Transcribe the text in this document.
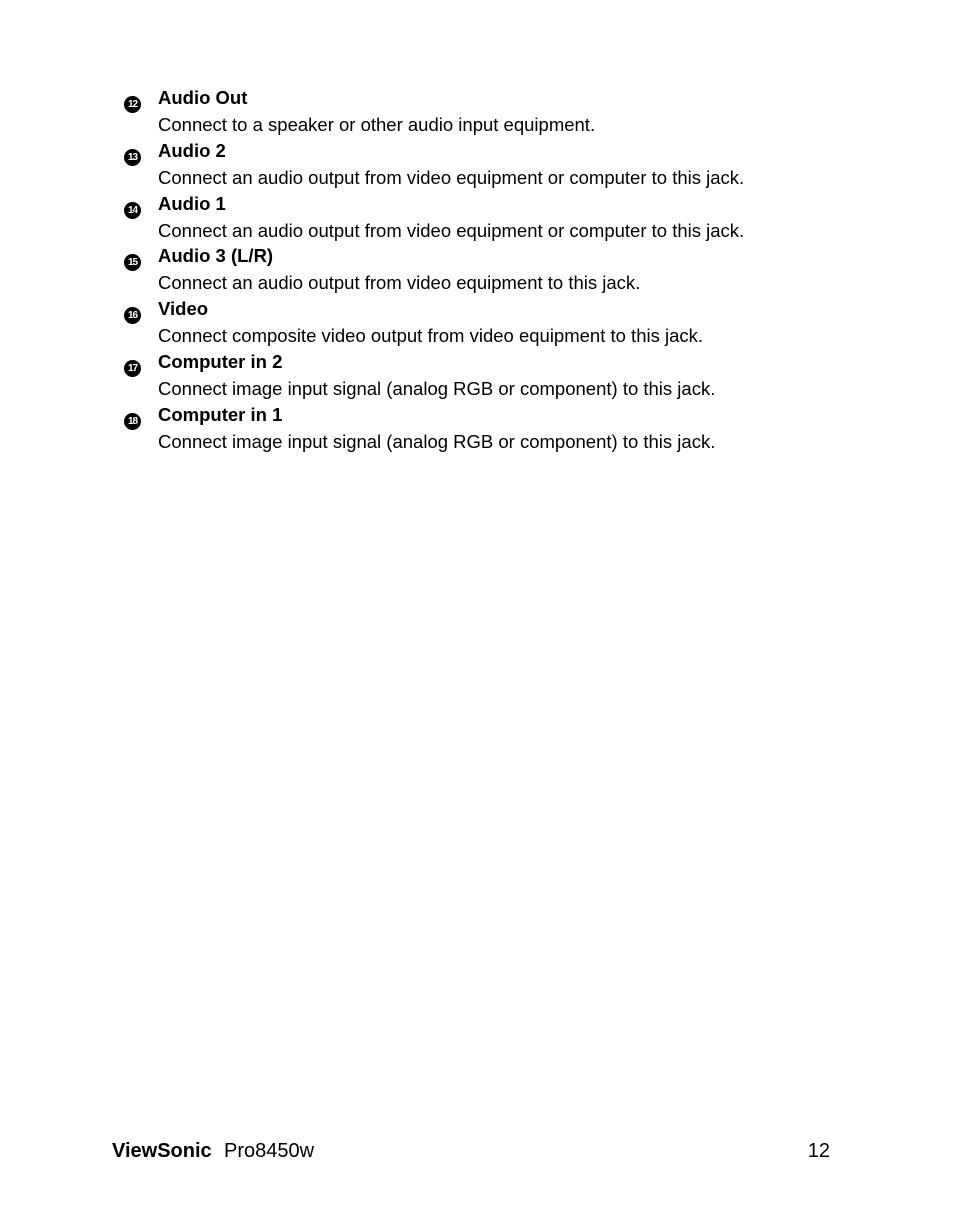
12 Audio Out
Connect to a speaker or other audio input equipment.
13 Audio 2
Connect an audio output from video equipment or computer to this jack.
14 Audio 1
Connect an audio output from video equipment or computer to this jack.
15 Audio 3 (L/R)
Connect an audio output from video equipment to this jack.
16 Video
Connect composite video output from video equipment to this jack.
17 Computer in 2
Connect image input signal (analog RGB or component) to this jack.
18 Computer in 1
Connect image input signal (analog RGB or component) to this jack.
ViewSonic Pro8450w	12
